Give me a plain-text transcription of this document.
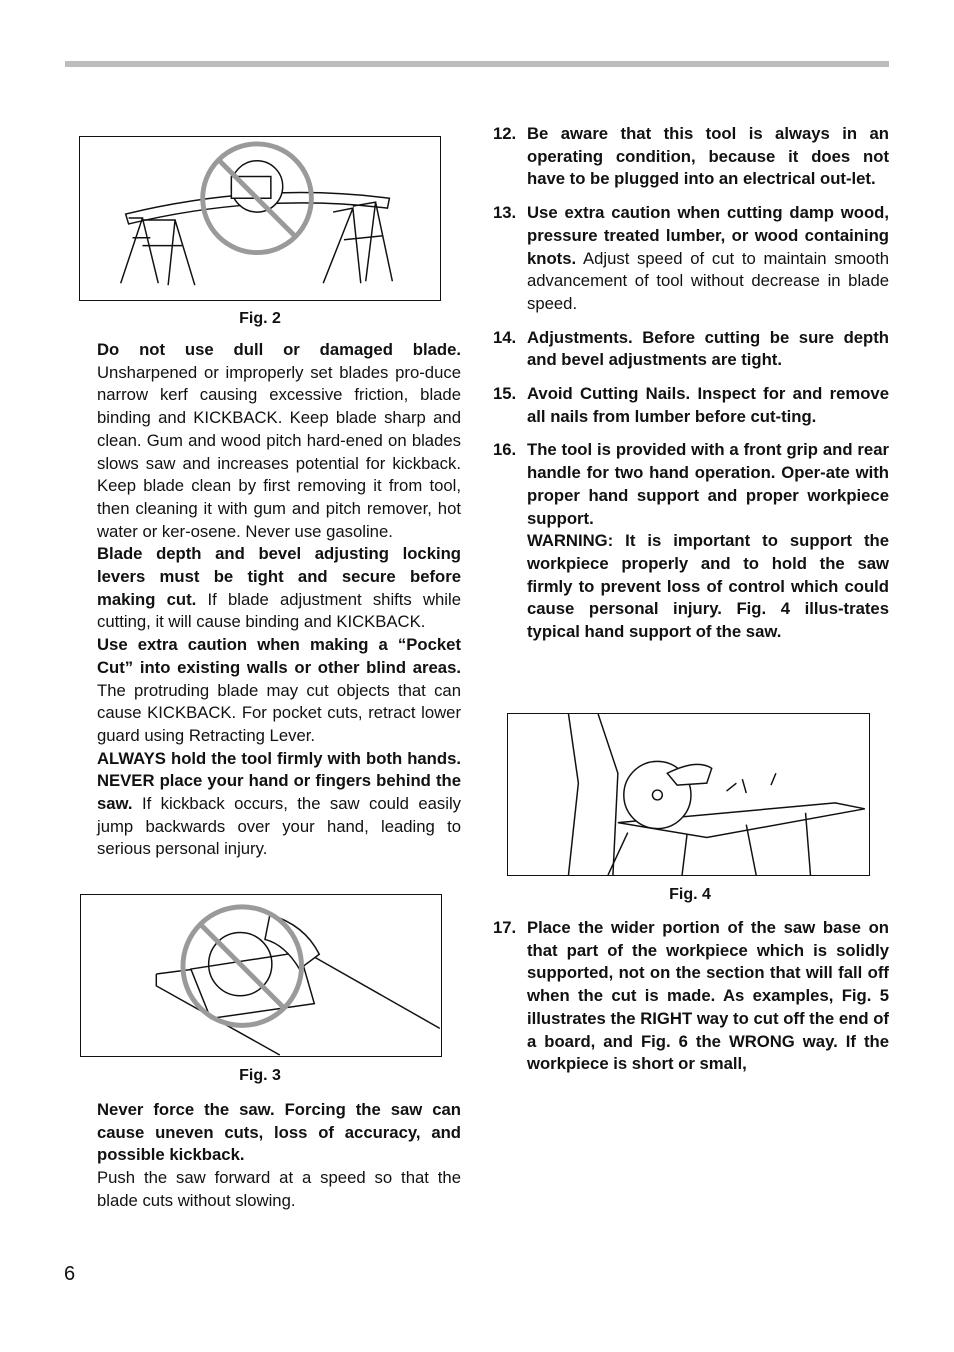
Fig. 2

Do not use dull or damaged blade. Unsharpened or improperly set blades pro-duce narrow kerf causing excessive friction, blade binding and KICKBACK. Keep blade sharp and clean. Gum and wood pitch hard-ened on blades slows saw and increases potential for kickback. Keep blade clean by first removing it from tool, then cleaning it with gum and pitch remover, hot water or ker-osene. Never use gasoline.

Blade depth and bevel adjusting locking levers must be tight and secure before making cut. If blade adjustment shifts while cutting, it will cause binding and KICKBACK.

Use extra caution when making a “Pocket Cut” into existing walls or other blind areas. The protruding blade may cut objects that can cause KICKBACK. For pocket cuts, retract lower guard using Retracting Lever.

ALWAYS hold the tool firmly with both hands. NEVER place your hand or fingers behind the saw. If kickback occurs, the saw could easily jump backwards over your hand, leading to serious personal injury.

Fig. 3

Never force the saw. Forcing the saw can cause uneven cuts, loss of accuracy, and possible kickback.

Push the saw forward at a speed so that the blade cuts without slowing.

12. Be aware that this tool is always in an operating condition, because it does not have to be plugged into an electrical out-let.

13. Use extra caution when cutting damp wood, pressure treated lumber, or wood containing knots. Adjust speed of cut to maintain smooth advancement of tool without decrease in blade speed.

14. Adjustments. Before cutting be sure depth and bevel adjustments are tight.

15. Avoid Cutting Nails. Inspect for and remove all nails from lumber before cut-ting.

16. The tool is provided with a front grip and rear handle for two hand operation. Oper-ate with proper hand support and proper workpiece support.

WARNING: It is important to support the workpiece properly and to hold the saw firmly to prevent loss of control which could cause personal injury. Fig. 4 illus-trates typical hand support of the saw.

Fig. 4
17. Place the wider portion of the saw base on that part of the workpiece which is solidly supported, not on the section that will fall off when the cut is made. As examples, Fig. 5 illustrates the RIGHT way to cut off the end of a board, and Fig. 6 the WRONG way. If the workpiece is short or small,

6
